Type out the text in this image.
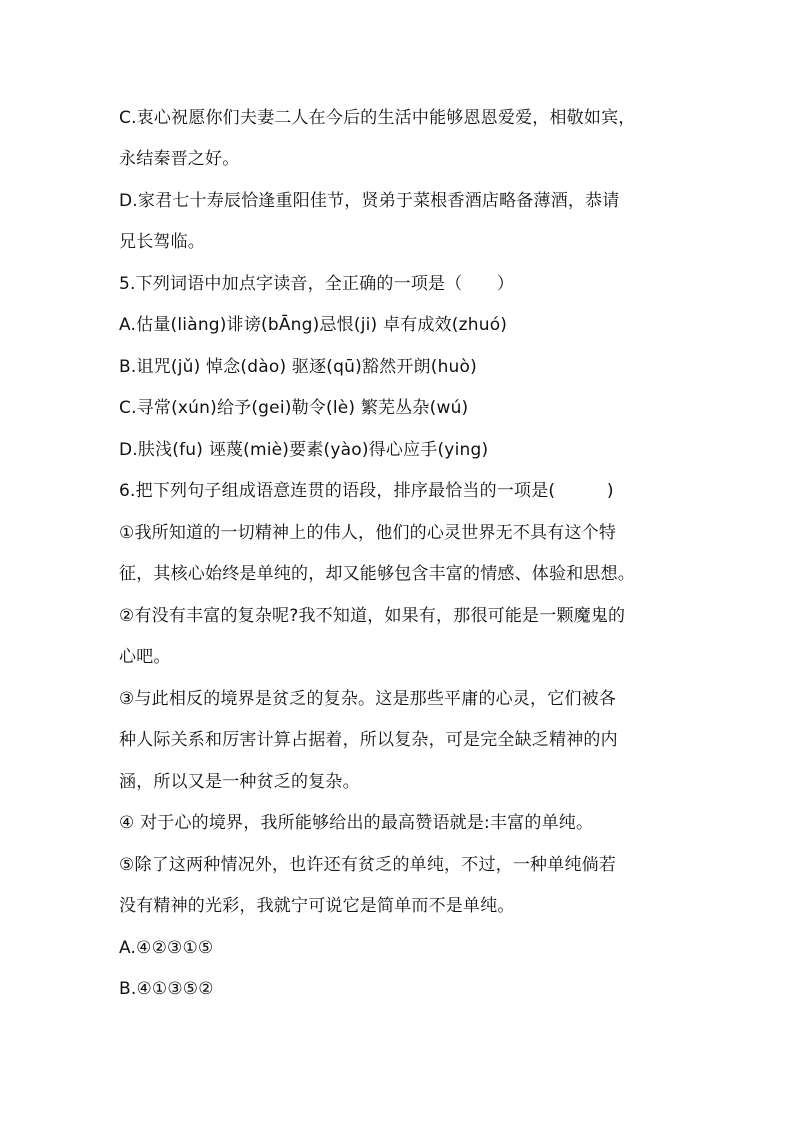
C.衷心祝愿你们夫妻二人在今后的生活中能够恩恩爱爱，相敬如宾，
永结秦晋之好。
D.家君七十寿辰恰逢重阳佳节，贤弟于菜根香酒店略备薄酒，恭请
兄长驾临。
5.下列词语中加点字读音，全正确的一项是（　　）
A.估量(liàng)诽谤(bĀng)忌恨(ji) 卓有成效(zhuó)
B.诅咒(jǔ) 悼念(dào) 驱逐(qū)豁然开朗(huò)
C.寻常(xún)给予(gei)勒令(lè) 繁芜丛杂(wú)
D.肤浅(fu) 诬蔑(miè)要素(yào)得心应手(ying)
6.把下列句子组成语意连贯的语段，排序最恰当的一项是(　　　)
①我所知道的一切精神上的伟人，他们的心灵世界无不具有这个特
征，其核心始终是单纯的，却又能够包含丰富的情感、体验和思想。
②有没有丰富的复杂呢?我不知道，如果有，那很可能是一颗魔鬼的
心吧。
③与此相反的境界是贫乏的复杂。这是那些平庸的心灵，它们被各
种人际关系和厉害计算占据着，所以复杂，可是完全缺乏精神的内
涵，所以又是一种贫乏的复杂。
④ 对于心的境界，我所能够给出的最高赞语就是:丰富的单纯。
⑤除了这两种情况外，也许还有贫乏的单纯，不过，一种单纯倘若
没有精神的光彩，我就宁可说它是简单而不是单纯。
A.④②③①⑤
B.④①③⑤②
